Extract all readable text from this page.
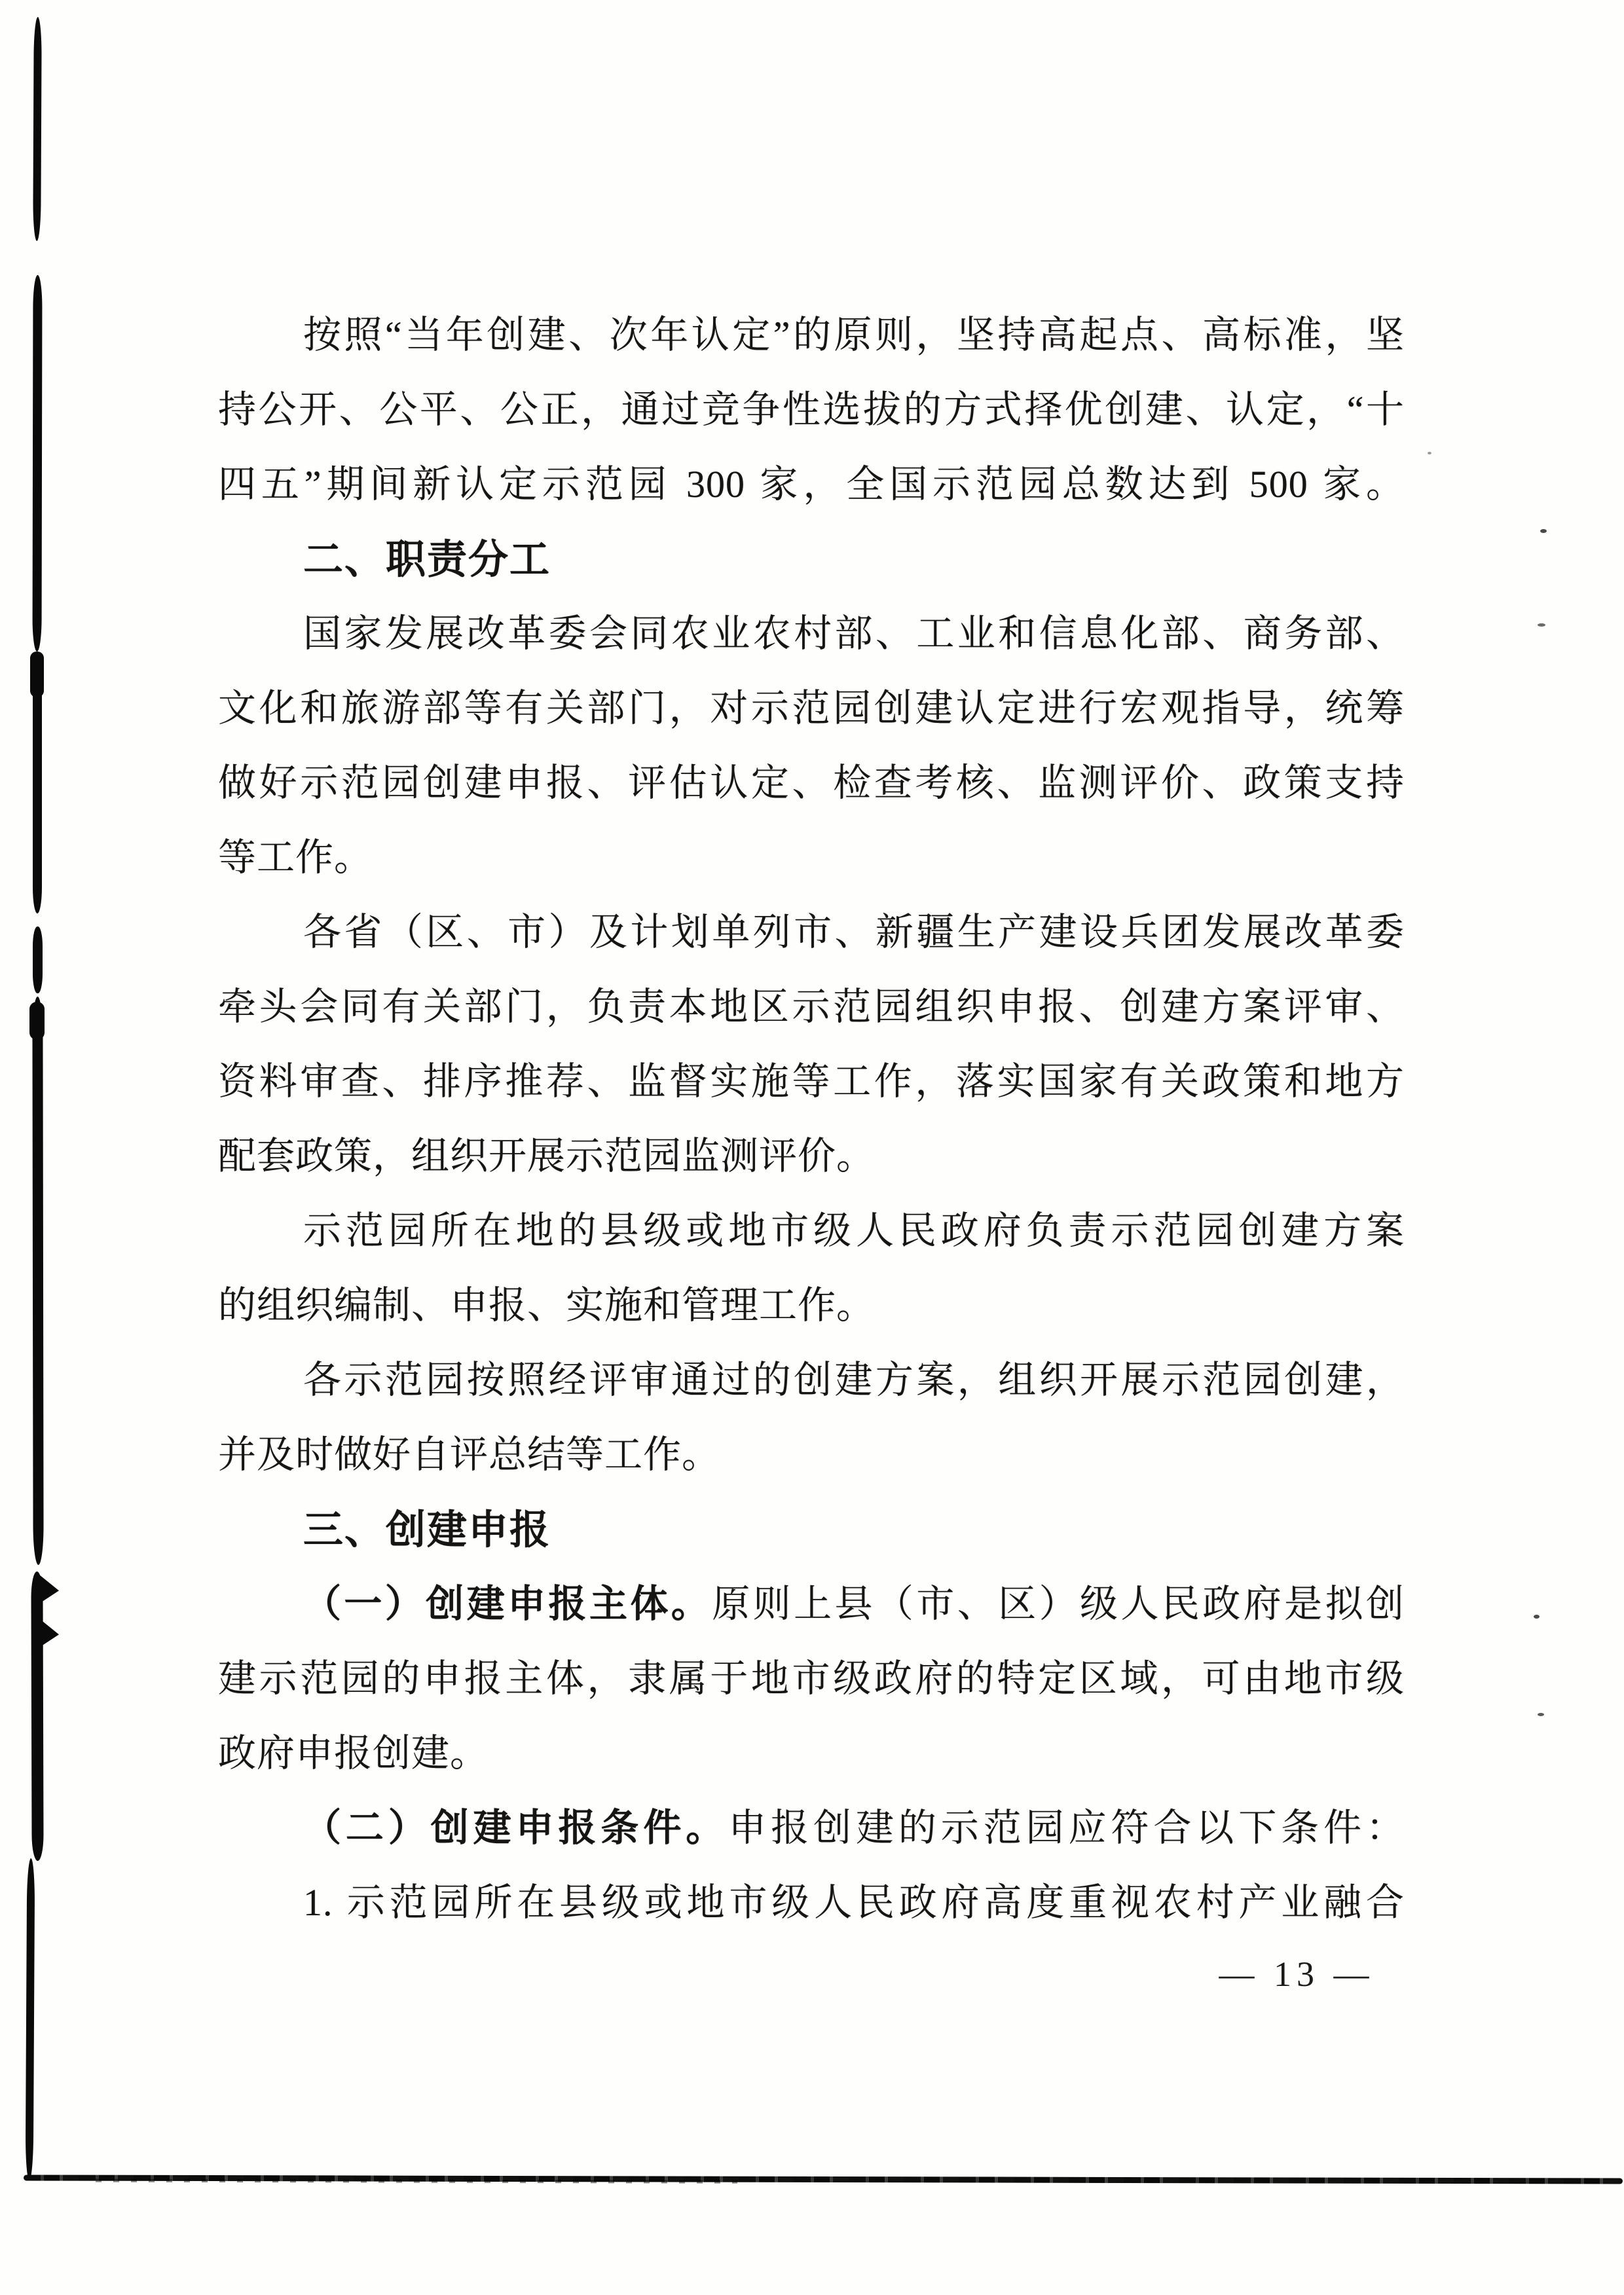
按照“当年创建、次年认定”的原则，坚持高起点、高标准，坚
持公开、公平、公正，通过竞争性选拔的方式择优创建、认定，“十
四五”期间新认定示范园 300 家，全国示范园总数达到 500 家。
二、职责分工
国家发展改革委会同农业农村部、工业和信息化部、商务部、
文化和旅游部等有关部门，对示范园创建认定进行宏观指导，统筹
做好示范园创建申报、评估认定、检查考核、监测评价、政策支持
等工作。
各省（区、市）及计划单列市、新疆生产建设兵团发展改革委
牵头会同有关部门，负责本地区示范园组织申报、创建方案评审、
资料审查、排序推荐、监督实施等工作，落实国家有关政策和地方
配套政策，组织开展示范园监测评价。
示范园所在地的县级或地市级人民政府负责示范园创建方案
的组织编制、申报、实施和管理工作。
各示范园按照经评审通过的创建方案，组织开展示范园创建，
并及时做好自评总结等工作。
三、创建申报
（一）创建申报主体。原则上县（市、区）级人民政府是拟创
建示范园的申报主体，隶属于地市级政府的特定区域，可由地市级
政府申报创建。
（二）创建申报条件。申报创建的示范园应符合以下条件：
1. 示范园所在县级或地市级人民政府高度重视农村产业融合
— 13 —
